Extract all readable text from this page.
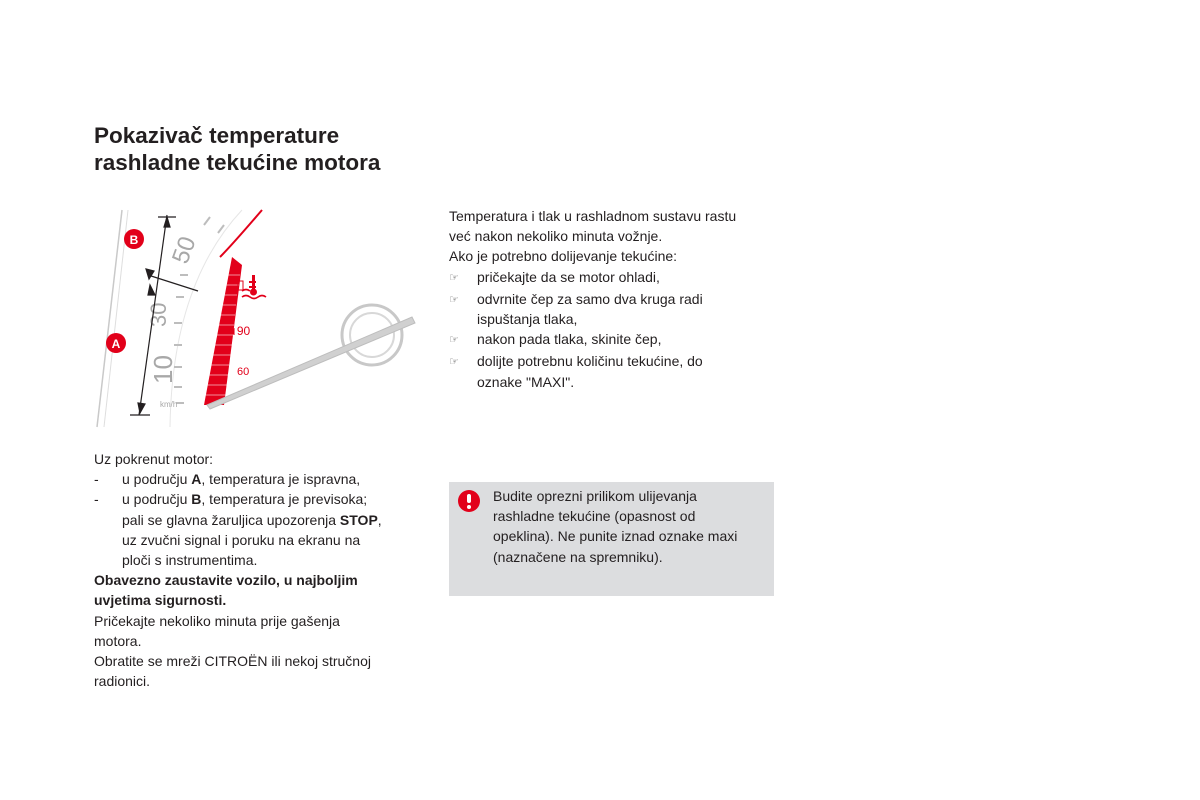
Pokazivač temperature
rashladne tekućine motora
50
30
10
km/h
◄90
60
B
A
Uz pokrenut motor:
-	u području A, temperatura je ispravna,
-	u području B, temperatura je previsoka;
pali se glavna žaruljica upozorenja STOP,
uz zvučni signal i poruku na ekranu na
ploči s instrumentima.
Obavezno zaustavite vozilo, u najboljim
uvjetima sigurnosti.
Pričekajte nekoliko minuta prije gašenja
motora.
Obratite se mreži CITROËN ili nekoj stručnoj
radionici.
Temperatura i tlak u rashladnom sustavu rastu
već nakon nekoliko minuta vožnje.
Ako je potrebno dolijevanje tekućine:
☞	pričekajte da se motor ohladi,
☞	odvrnite čep za samo dva kruga radi
ispuštanja tlaka,
☞	nakon pada tlaka, skinite čep,
☞	dolijte potrebnu količinu tekućine, do
oznake "MAXI".
Budite oprezni prilikom ulijevanja
rashladne tekućine (opasnost od
opeklina). Ne punite iznad oznake maxi
(naznačene na spremniku).
